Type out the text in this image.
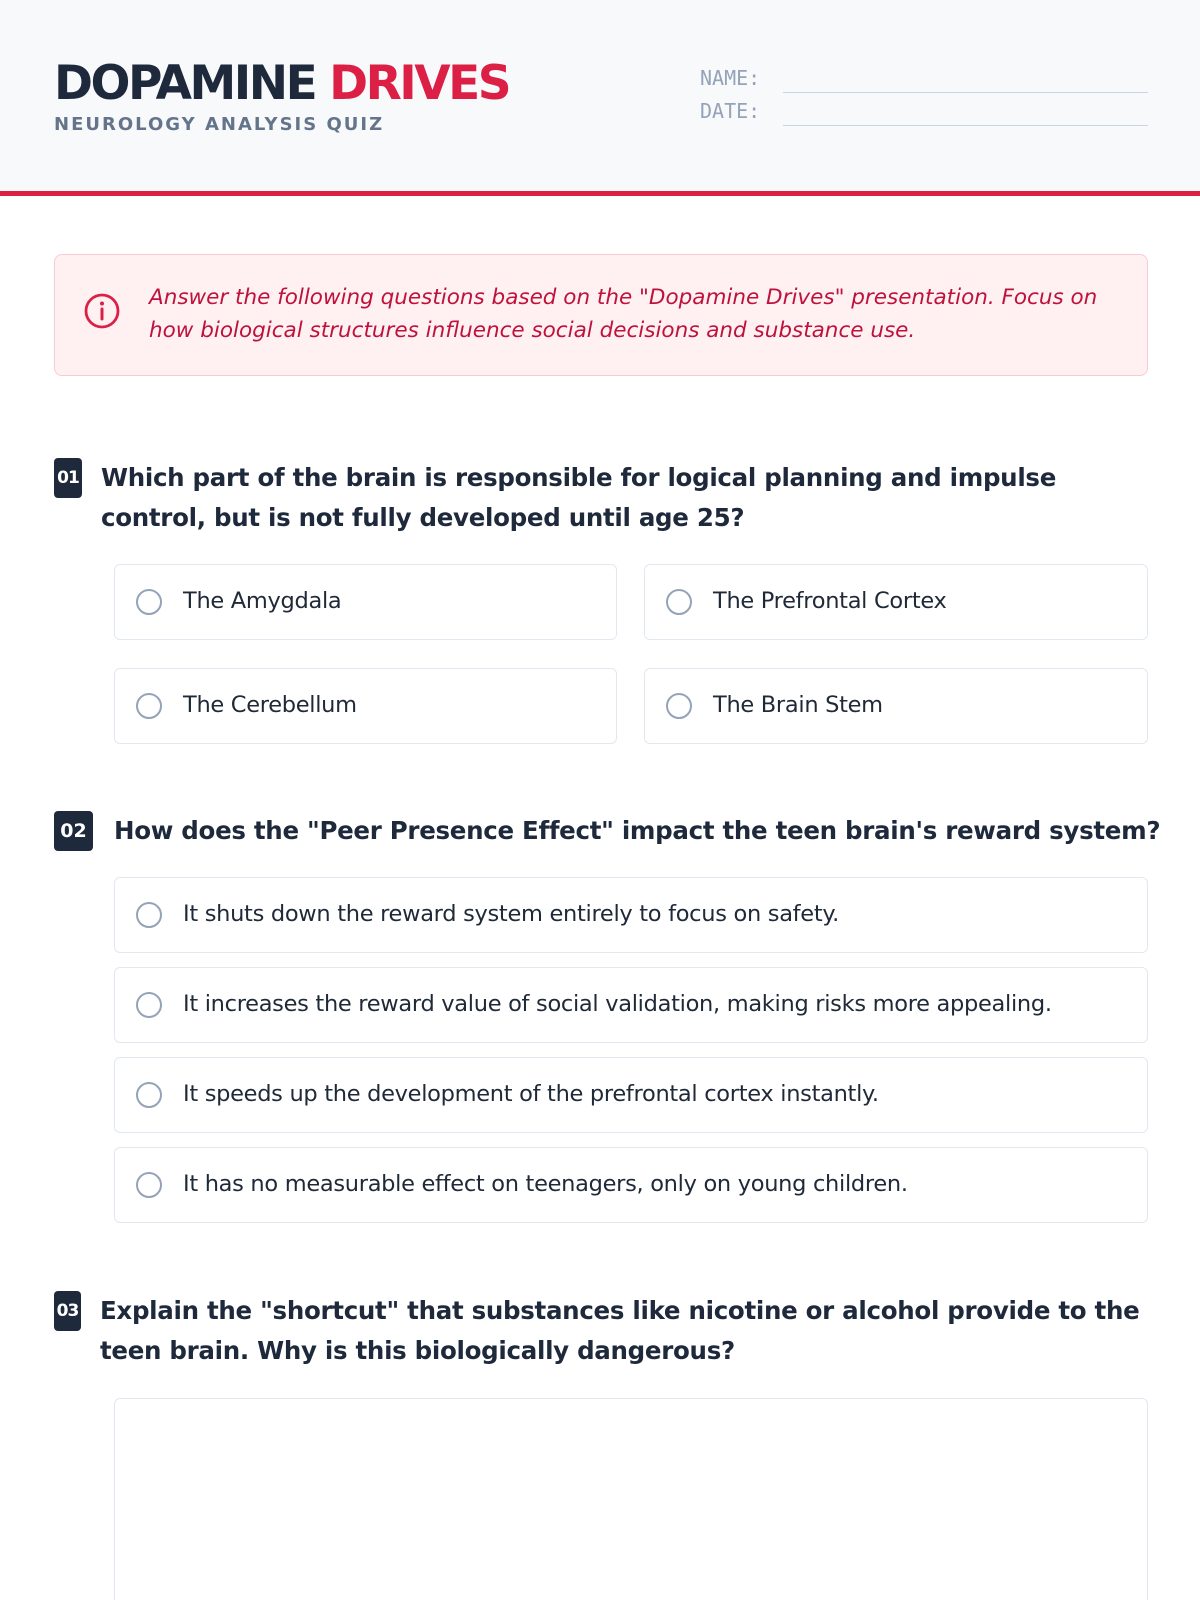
DOPAMINE DRIVES
NEUROLOGY ANALYSIS QUIZ
NAME:
DATE:
Answer the following questions based on the "Dopamine Drives" presentation. Focus on how biological structures influence social decisions and substance use.
01 Which part of the brain is responsible for logical planning and impulse control, but is not fully developed until age 25?
The Amygdala	The Prefrontal Cortex
The Cerebellum	The Brain Stem
02 How does the "Peer Presence Effect" impact the teen brain's reward system?
It shuts down the reward system entirely to focus on safety.
It increases the reward value of social validation, making risks more appealing.
It speeds up the development of the prefrontal cortex instantly.
It has no measurable effect on teenagers, only on young children.
03 Explain the "shortcut" that substances like nicotine or alcohol provide to the teen brain. Why is this biologically dangerous?
